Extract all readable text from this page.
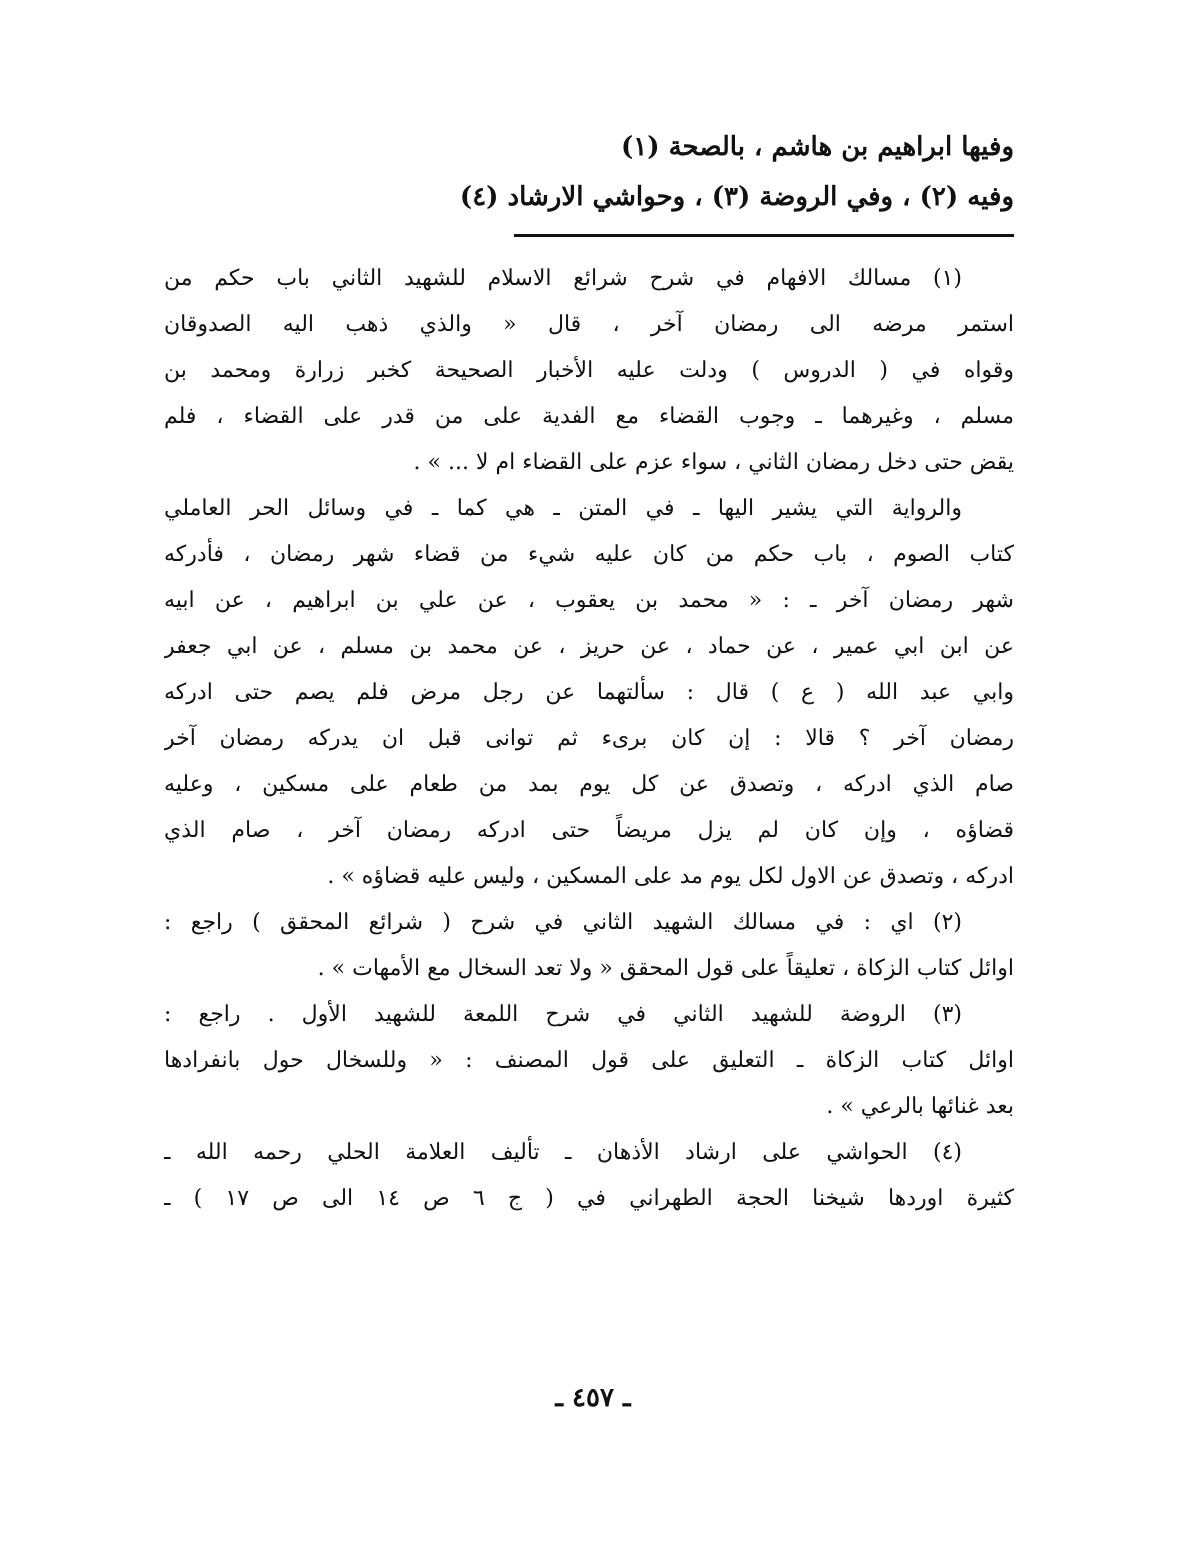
وفيها ابراهيم بن هاشم ، بالصحة (١)
وفيه (٢) ، وفي الروضة (٣) ، وحواشي الارشاد (٤)
(١) مسالك الافهام في شرح شرائع الاسلام للشهيد الثاني باب حكم من
استمر مرضه الى رمضان آخر ، قال « والذي ذهب اليه الصدوقان
وقواه في ( الدروس ) ودلت عليه الأخبار الصحيحة كخبر زرارة ومحمد بن
مسلم ، وغيرهما ـ وجوب القضاء مع الفدية على من قدر على القضاء ، فلم
يقض حتى دخل رمضان الثاني ، سواء عزم على القضاء ام لا ... » .
والرواية التي يشير اليها ـ في المتن ـ هي كما ـ في وسائل الحر العاملي
كتاب الصوم ، باب حكم من كان عليه شيء من قضاء شهر رمضان ، فأدركه
شهر رمضان آخر ـ : « محمد بن يعقوب ، عن علي بن ابراهيم ، عن ابيه
عن ابن ابي عمير ، عن حماد ، عن حريز ، عن محمد بن مسلم ، عن ابي جعفر
وابي عبد الله ( ع ) قال : سألتهما عن رجل مرض فلم يصم حتى ادركه
رمضان آخر ؟ قالا : إن كان برىء ثم توانى قبل ان يدركه رمضان آخر
صام الذي ادركه ، وتصدق عن كل يوم بمد من طعام على مسكين ، وعليه
قضاؤه ، وإن كان لم يزل مريضاً حتى ادركه رمضان آخر ، صام الذي
ادركه ، وتصدق عن الاول لكل يوم مد على المسكين ، وليس عليه قضاؤه » .
(٢) اي : في مسالك الشهيد الثاني في شرح ( شرائع المحقق ) راجع :
اوائل كتاب الزكاة ، تعليقاً على قول المحقق « ولا تعد السخال مع الأمهات » .
(٣) الروضة للشهيد الثاني في شرح اللمعة للشهيد الأول . راجع :
اوائل كتاب الزكاة ـ التعليق على قول المصنف : « وللسخال حول بانفرادها
بعد غنائها بالرعي » .
(٤) الحواشي على ارشاد الأذهان ـ تأليف العلامة الحلي رحمه الله ـ
كثيرة اوردها شيخنا الحجة الطهراني في ( ج ٦ ص ١٤ الى ص ١٧ ) ـ
ـ ٤٥٧ ـ
